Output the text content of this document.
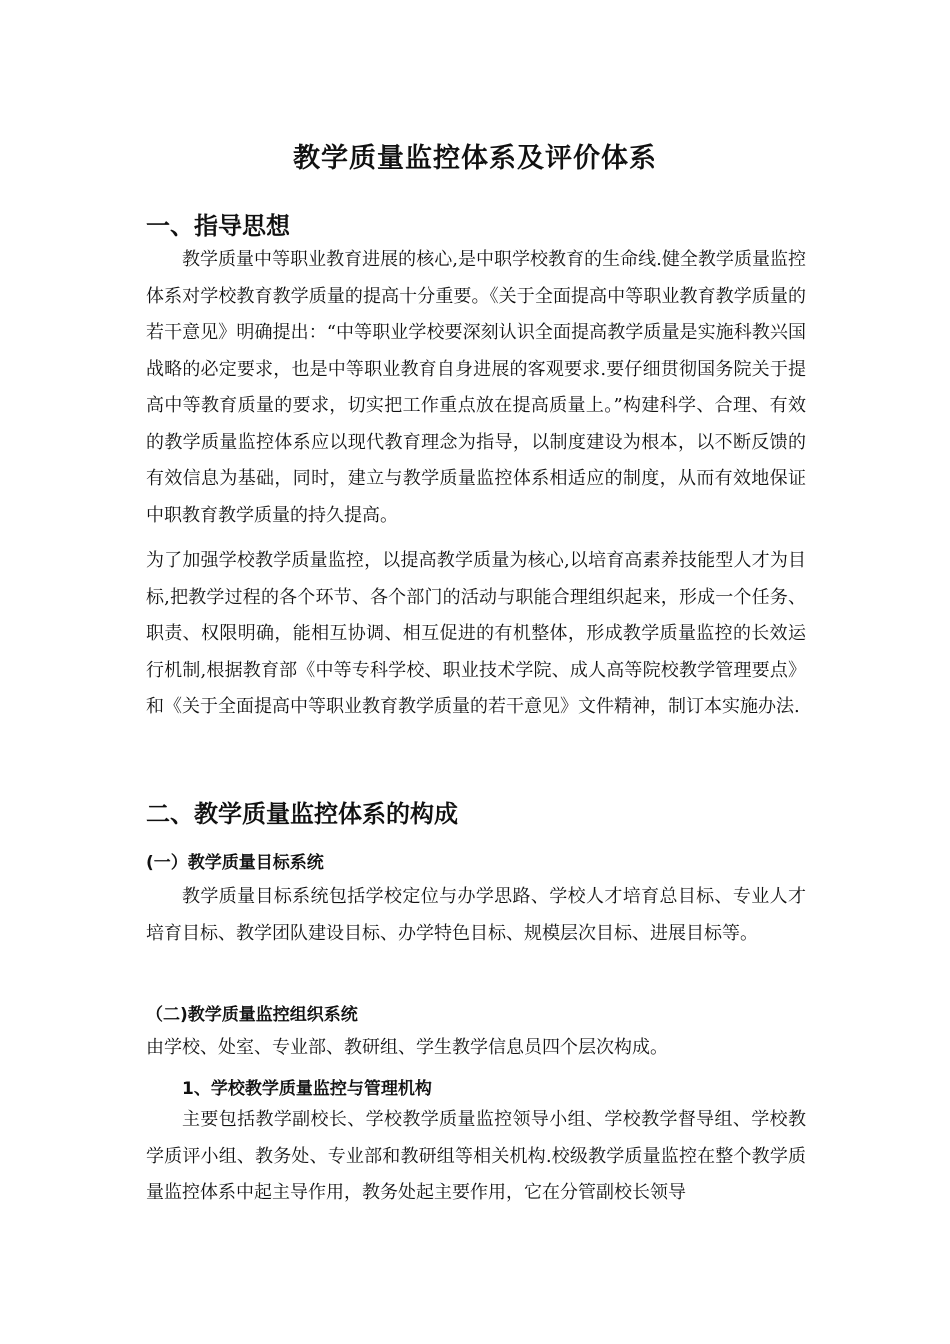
教学质量监控体系及评价体系
一、指导思想

教学质量中等职业教育进展的核心,是中职学校教育的生命线.健全教学质量监控体系对学校教育教学质量的提高十分重要。《关于全面提高中等职业教育教学质量的若干意见》明确提出：“中等职业学校要深刻认识全面提高教学质量是实施科教兴国战略的必定要求，也是中等职业教育自身进展的客观要求.要仔细贯彻国务院关于提高中等教育质量的要求，切实把工作重点放在提高质量上。”构建科学、合理、有效的教学质量监控体系应以现代教育理念为指导，以制度建设为根本，以不断反馈的有效信息为基础，同时，建立与教学质量监控体系相适应的制度，从而有效地保证中职教育教学质量的持久提高。

为了加强学校教学质量监控，以提高教学质量为核心,以培育高素养技能型人才为目标,把教学过程的各个环节、各个部门的活动与职能合理组织起来，形成一个任务、职责、权限明确，能相互协调、相互促进的有机整体，形成教学质量监控的长效运行机制,根据教育部《中等专科学校、职业技术学院、成人高等院校教学管理要点》和《关于全面提高中等职业教育教学质量的若干意见》文件精神，制订本实施办法.

二、教学质量监控体系的构成
(一）教学质量目标系统

教学质量目标系统包括学校定位与办学思路、学校人才培育总目标、专业人才培育目标、教学团队建设目标、办学特色目标、规模层次目标、进展目标等。

（二)教学质量监控组织系统

由学校、处室、专业部、教研组、学生教学信息员四个层次构成。

1、学校教学质量监控与管理机构

主要包括教学副校长、学校教学质量监控领导小组、学校教学督导组、学校教学质评小组、教务处、专业部和教研组等相关机构.校级教学质量监控在整个教学质量监控体系中起主导作用，教务处起主要作用，它在分管副校长领导
